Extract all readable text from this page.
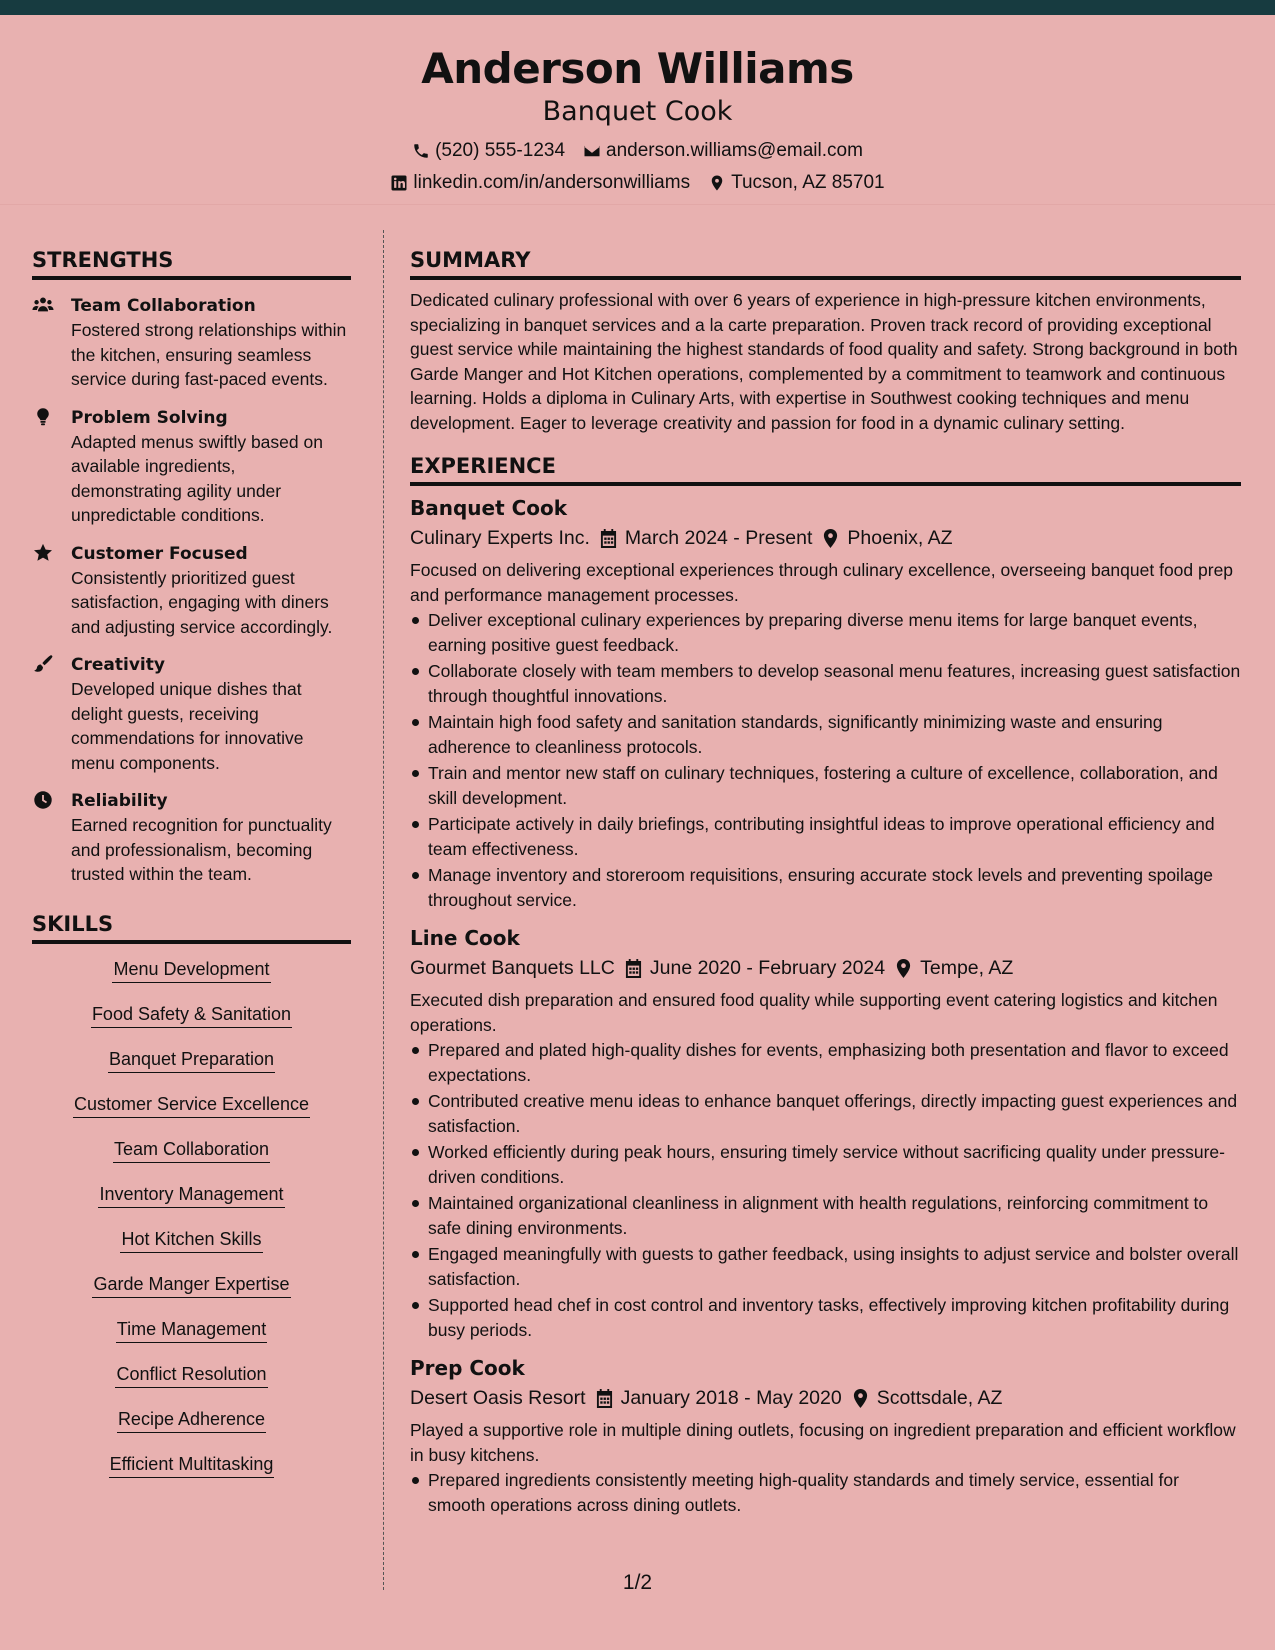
Anderson Williams
Banquet Cook
(520) 555-1234 anderson.williams@email.com
linkedin.com/in/andersonwilliams Tucson, AZ 85701
STRENGTHS
Team Collaboration
Fostered strong relationships within the kitchen, ensuring seamless service during fast-paced events.
Problem Solving
Adapted menus swiftly based on available ingredients, demonstrating agility under unpredictable conditions.
Customer Focused
Consistently prioritized guest satisfaction, engaging with diners and adjusting service accordingly.
Creativity
Developed unique dishes that delight guests, receiving commendations for innovative menu components.
Reliability
Earned recognition for punctuality and professionalism, becoming trusted within the team.
SKILLS
Menu Development
Food Safety & Sanitation
Banquet Preparation
Customer Service Excellence
Team Collaboration
Inventory Management
Hot Kitchen Skills
Garde Manger Expertise
Time Management
Conflict Resolution
Recipe Adherence
Efficient Multitasking
SUMMARY

Dedicated culinary professional with over 6 years of experience in high-pressure kitchen environments, specializing in banquet services and a la carte preparation. Proven track record of providing exceptional guest service while maintaining the highest standards of food quality and safety. Strong background in both Garde Manger and Hot Kitchen operations, complemented by a commitment to teamwork and continuous learning. Holds a diploma in Culinary Arts, with expertise in Southwest cooking techniques and menu development. Eager to leverage creativity and passion for food in a dynamic culinary setting.

EXPERIENCE
Banquet Cook
Culinary Experts Inc. March 2024 - Present Phoenix, AZ

Focused on delivering exceptional experiences through culinary excellence, overseeing banquet food prep and performance management processes.

Deliver exceptional culinary experiences by preparing diverse menu items for large banquet events, earning positive guest feedback.
Collaborate closely with team members to develop seasonal menu features, increasing guest satisfaction through thoughtful innovations.
Maintain high food safety and sanitation standards, significantly minimizing waste and ensuring adherence to cleanliness protocols.
Train and mentor new staff on culinary techniques, fostering a culture of excellence, collaboration, and skill development.
Participate actively in daily briefings, contributing insightful ideas to improve operational efficiency and team effectiveness.
Manage inventory and storeroom requisitions, ensuring accurate stock levels and preventing spoilage throughout service.
Line Cook
Gourmet Banquets LLC June 2020 - February 2024 Tempe, AZ

Executed dish preparation and ensured food quality while supporting event catering logistics and kitchen operations.

Prepared and plated high-quality dishes for events, emphasizing both presentation and flavor to exceed expectations.
Contributed creative menu ideas to enhance banquet offerings, directly impacting guest experiences and satisfaction.
Worked efficiently during peak hours, ensuring timely service without sacrificing quality under pressure-driven conditions.
Maintained organizational cleanliness in alignment with health regulations, reinforcing commitment to safe dining environments.
Engaged meaningfully with guests to gather feedback, using insights to adjust service and bolster overall satisfaction.
Supported head chef in cost control and inventory tasks, effectively improving kitchen profitability during busy periods.
Prep Cook
Desert Oasis Resort January 2018 - May 2020 Scottsdale, AZ

Played a supportive role in multiple dining outlets, focusing on ingredient preparation and efficient workflow in busy kitchens.

Prepared ingredients consistently meeting high-quality standards and timely service, essential for smooth operations across dining outlets.
1/2
